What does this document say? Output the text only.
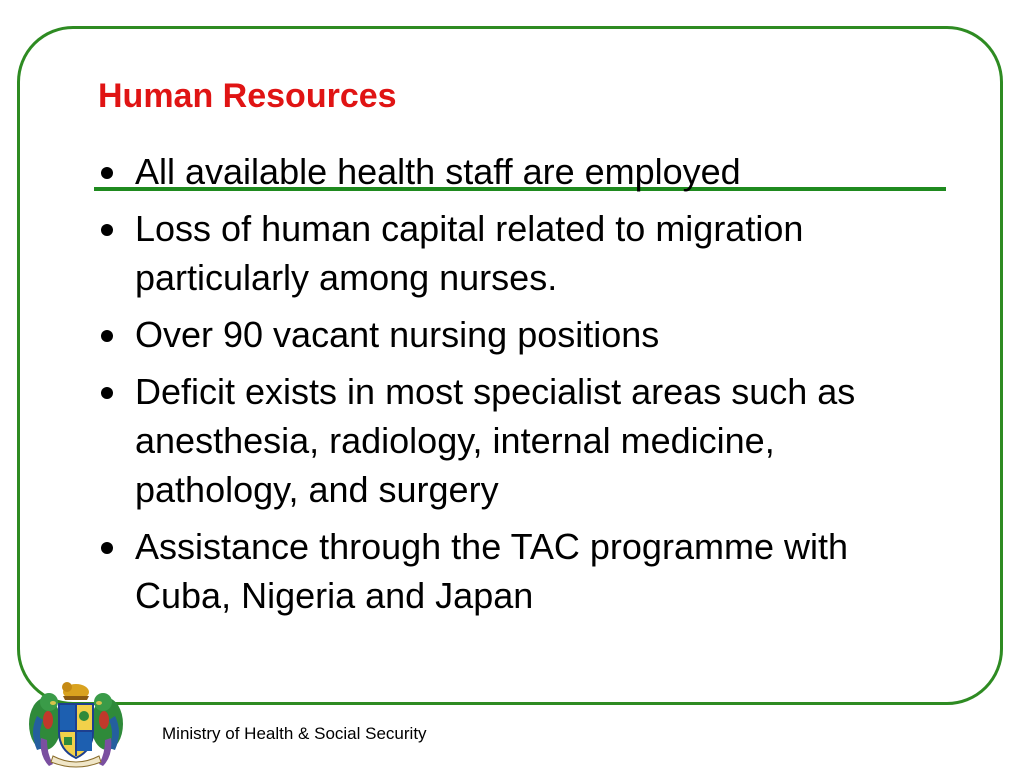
Human Resources
All available health staff are employed
Loss of human capital related to migration particularly among nurses.
Over 90 vacant nursing positions
Deficit exists in most specialist areas such as anesthesia, radiology, internal medicine, pathology, and surgery
Assistance through the TAC programme with Cuba, Nigeria and Japan
Ministry of Health & Social Security
